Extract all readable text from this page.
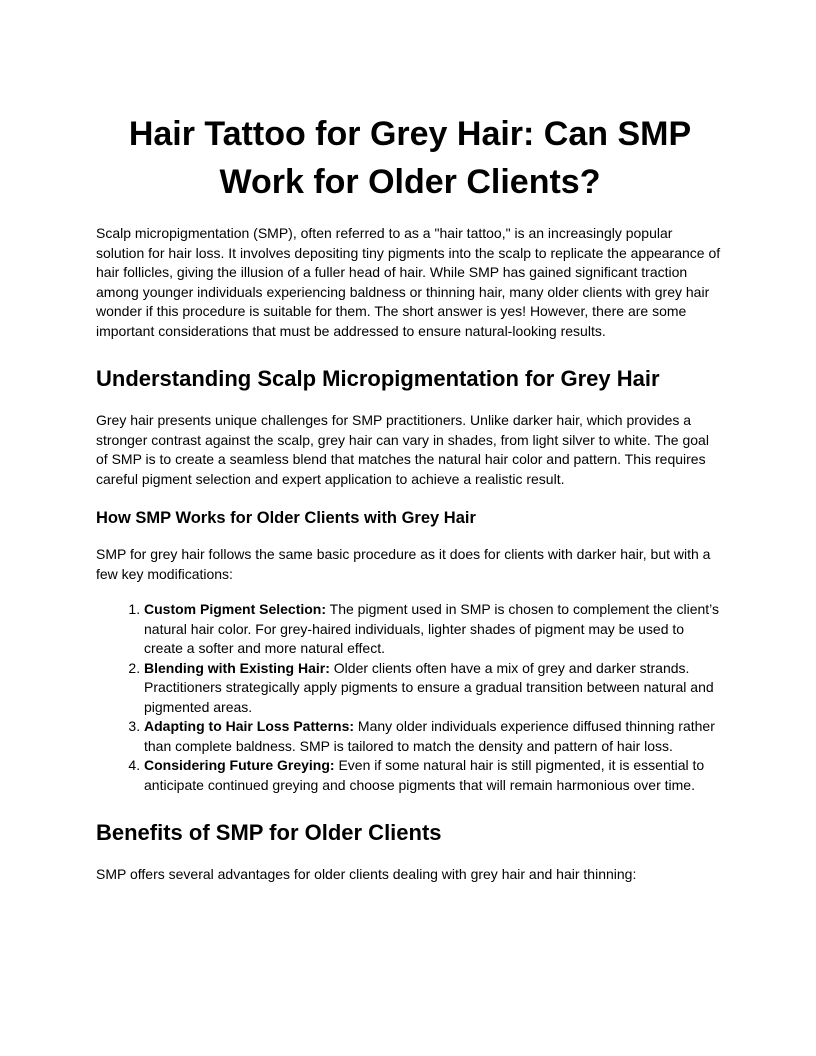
Hair Tattoo for Grey Hair: Can SMP Work for Older Clients?

Scalp micropigmentation (SMP), often referred to as a "hair tattoo," is an increasingly popular solution for hair loss. It involves depositing tiny pigments into the scalp to replicate the appearance of hair follicles, giving the illusion of a fuller head of hair. While SMP has gained significant traction among younger individuals experiencing baldness or thinning hair, many older clients with grey hair wonder if this procedure is suitable for them. The short answer is yes! However, there are some important considerations that must be addressed to ensure natural-looking results.

Understanding Scalp Micropigmentation for Grey Hair

Grey hair presents unique challenges for SMP practitioners. Unlike darker hair, which provides a stronger contrast against the scalp, grey hair can vary in shades, from light silver to white. The goal of SMP is to create a seamless blend that matches the natural hair color and pattern. This requires careful pigment selection and expert application to achieve a realistic result.

How SMP Works for Older Clients with Grey Hair

SMP for grey hair follows the same basic procedure as it does for clients with darker hair, but with a few key modifications:

1. Custom Pigment Selection: The pigment used in SMP is chosen to complement the client’s natural hair color. For grey-haired individuals, lighter shades of pigment may be used to create a softer and more natural effect.
2. Blending with Existing Hair: Older clients often have a mix of grey and darker strands. Practitioners strategically apply pigments to ensure a gradual transition between natural and pigmented areas.
3. Adapting to Hair Loss Patterns: Many older individuals experience diffused thinning rather than complete baldness. SMP is tailored to match the density and pattern of hair loss.
4. Considering Future Greying: Even if some natural hair is still pigmented, it is essential to anticipate continued greying and choose pigments that will remain harmonious over time.
Benefits of SMP for Older Clients

SMP offers several advantages for older clients dealing with grey hair and hair thinning:
